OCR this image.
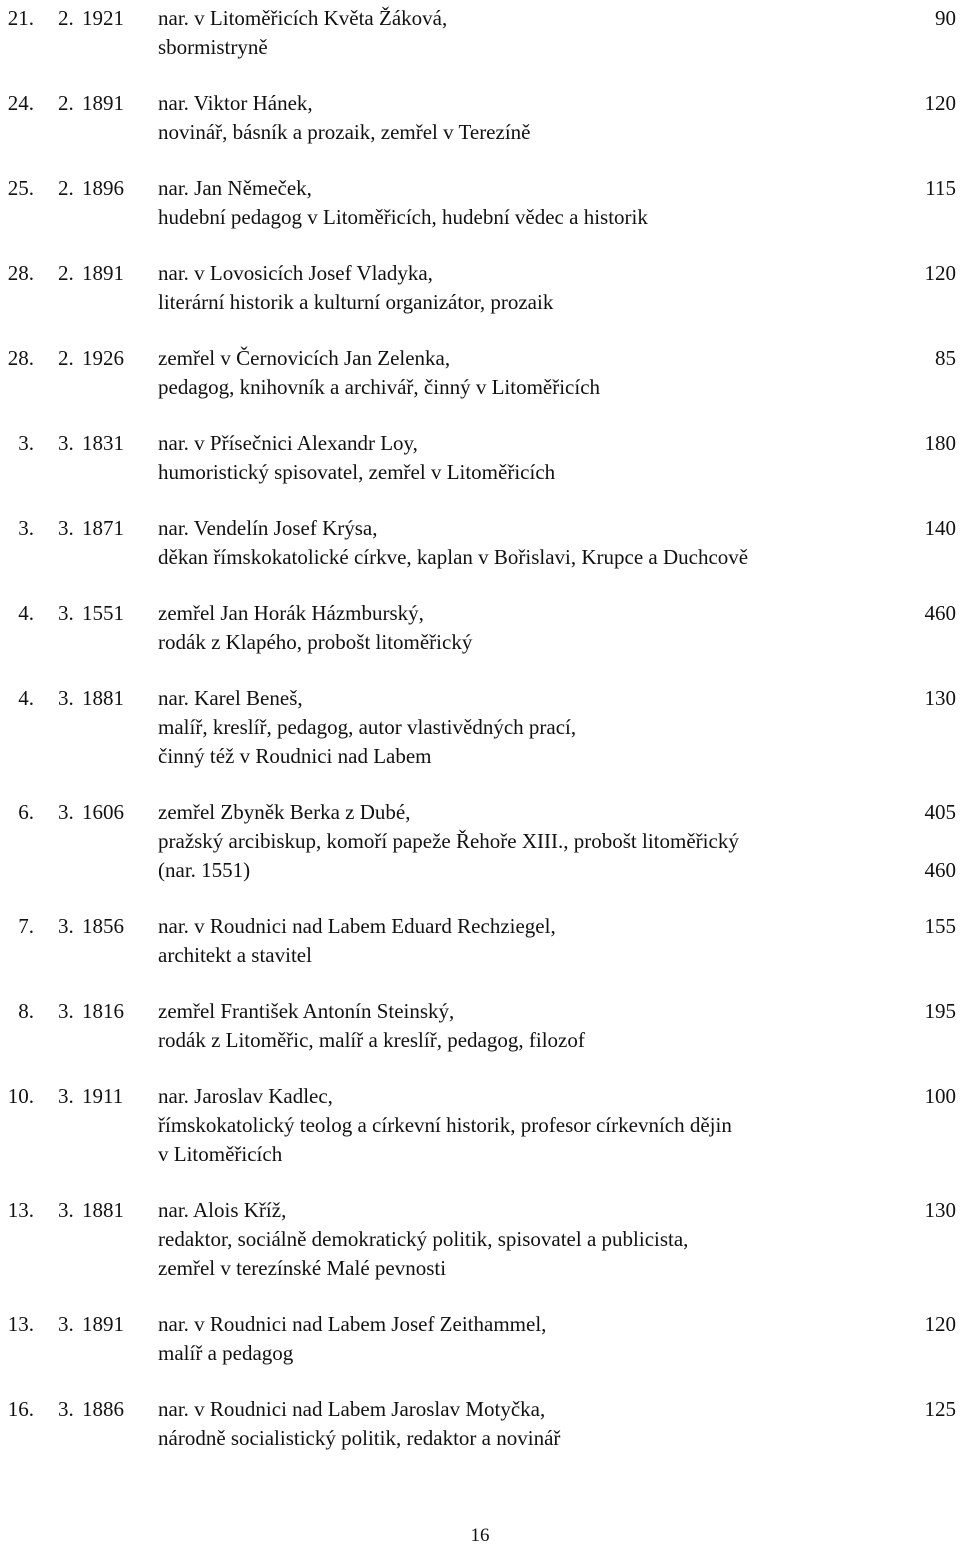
21. 2. 1921 nar. v Litoměřicích Květa Žáková,	90
sbormistryně
24. 2. 1891 nar. Viktor Hánek,	120
novinář, básník a prozaik, zemřel v Terezíně
25. 2. 1896 nar. Jan Němeček,	115
hudební pedagog v Litoměřicích, hudební vědec a historik
28. 2. 1891 nar. v Lovosicích Josef Vladyka,	120
literární historik a kulturní organizátor, prozaik
28. 2. 1926 zemřel v Černovicích Jan Zelenka,	85
pedagog, knihovník a archivář, činný v Litoměřicích
3. 3. 1831 nar. v Přísečnici Alexandr Loy,	180
humoristický spisovatel, zemřel v Litoměřicích
3. 3. 1871 nar. Vendelín Josef Krýsa,	140
děkan římskokatolické církve, kaplan v Bořislavi, Krupce a Duchcově
4. 3. 1551 zemřel Jan Horák Házmburský,	460
rodák z Klapého, probošt litoměřický
4. 3. 1881 nar. Karel Beneš,	130
malíř, kreslíř, pedagog, autor vlastivědných prací,
činný též v Roudnici nad Labem
6. 3. 1606 zemřel Zbyněk Berka z Dubé,	405
pražský arcibiskup, komoří papeže Řehoře XIII., probošt litoměřický
(nar. 1551)	460
7. 3. 1856 nar. v Roudnici nad Labem Eduard Rechziegel,	155
architekt a stavitel
8. 3. 1816 zemřel František Antonín Steinský,	195
rodák z Litoměřic, malíř a kreslíř, pedagog, filozof
10. 3. 1911 nar. Jaroslav Kadlec,	100
římskokatolický teolog a církevní historik, profesor církevních dějin
v Litoměřicích
13. 3. 1881 nar. Alois Kříž,	130
redaktor, sociálně demokratický politik, spisovatel a publicista,
zemřel v terezínské Malé pevnosti
13. 3. 1891 nar. v Roudnici nad Labem Josef Zeithammel,	120
malíř a pedagog
16. 3. 1886 nar. v Roudnici nad Labem Jaroslav Motyčka,	125
národně socialistický politik, redaktor a novinář
16
